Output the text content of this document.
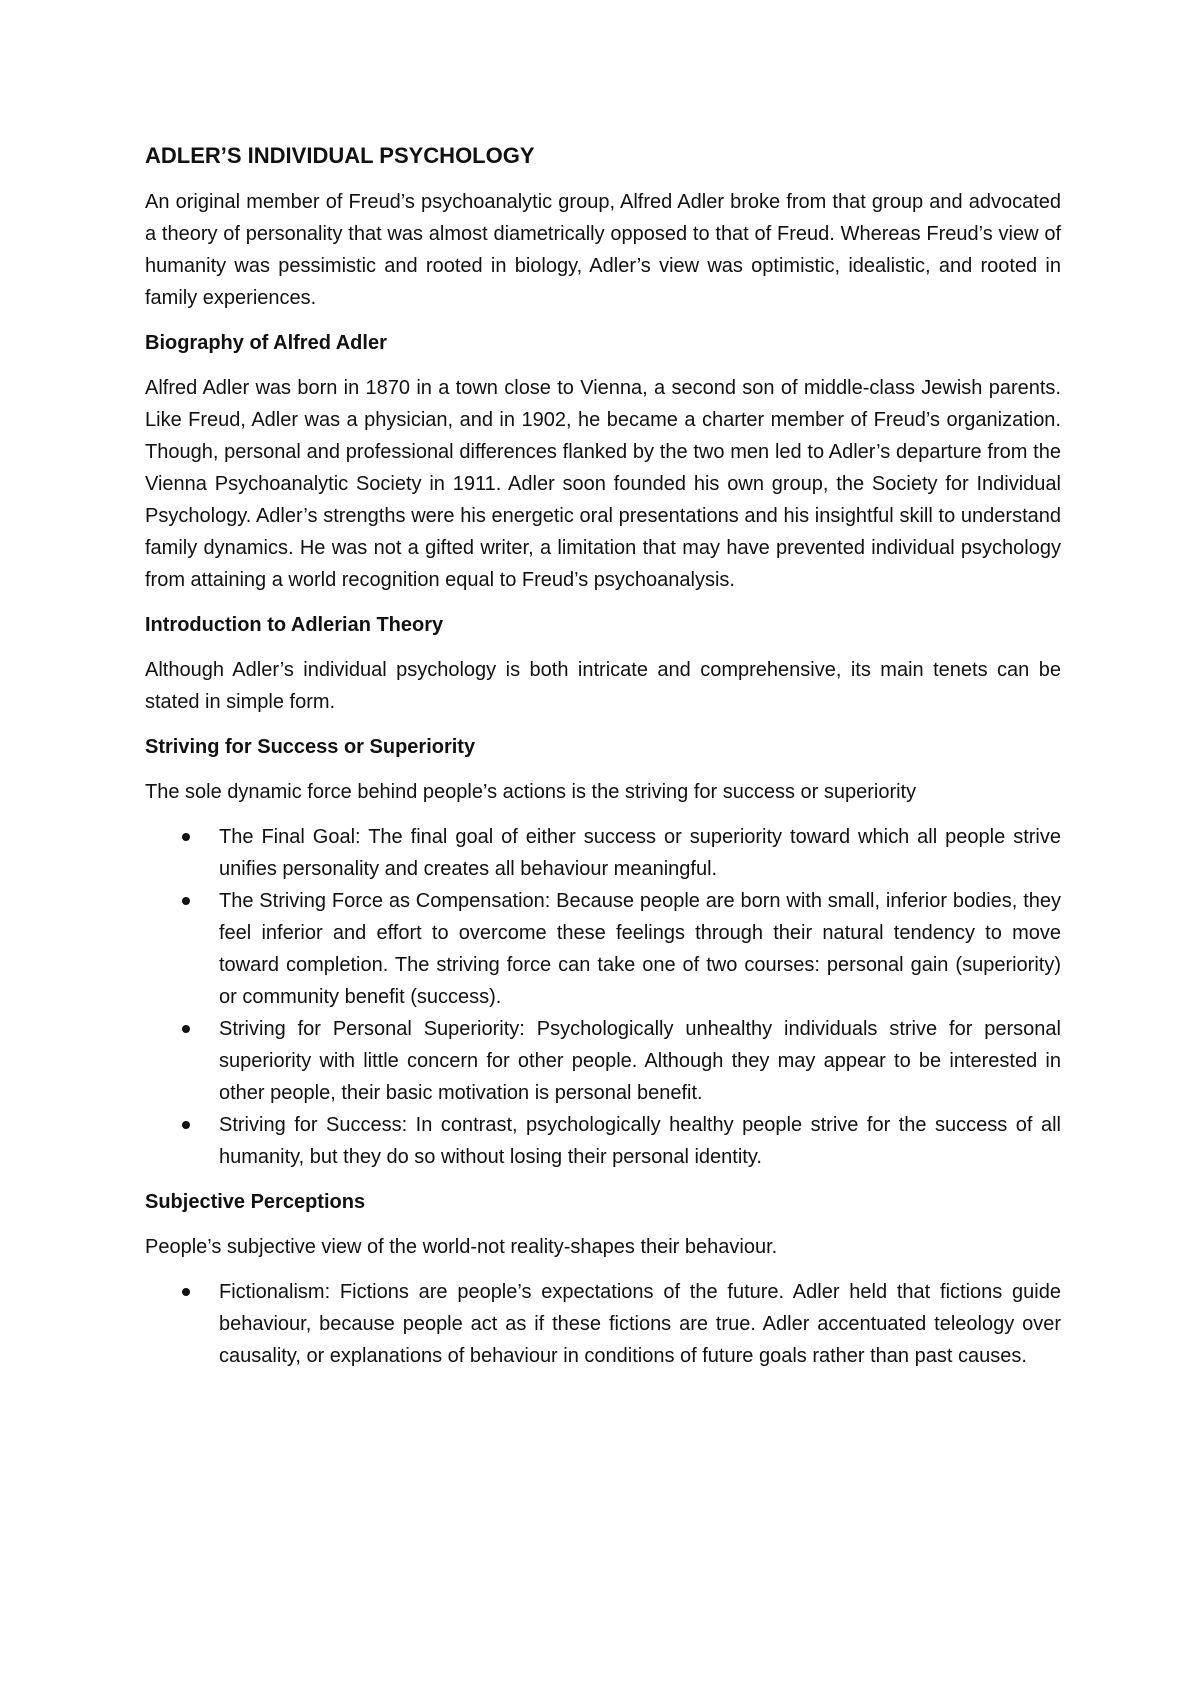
ADLER’S INDIVIDUAL PSYCHOLOGY

An original member of Freud’s psychoanalytic group, Alfred Adler broke from that group and advocated a theory of personality that was almost diametrically opposed to that of Freud. Whereas Freud’s view of humanity was pessimistic and rooted in biology, Adler’s view was optimistic, idealistic, and rooted in family experiences.

Biography of Alfred Adler

Alfred Adler was born in 1870 in a town close to Vienna, a second son of middle-class Jewish parents. Like Freud, Adler was a physician, and in 1902, he became a charter member of Freud’s organization. Though, personal and professional differences flanked by the two men led to Adler’s departure from the Vienna Psychoanalytic Society in 1911. Adler soon founded his own group, the Society for Individual Psychology. Adler’s strengths were his energetic oral presentations and his insightful skill to understand family dynamics. He was not a gifted writer, a limitation that may have prevented individual psychology from attaining a world recognition equal to Freud’s psychoanalysis.

Introduction to Adlerian Theory

Although Adler’s individual psychology is both intricate and comprehensive, its main tenets can be stated in simple form.

Striving for Success or Superiority

The sole dynamic force behind people’s actions is the striving for success or superiority

The Final Goal: The final goal of either success or superiority toward which all people strive unifies personality and creates all behaviour meaningful.
The Striving Force as Compensation: Because people are born with small, inferior bodies, they feel inferior and effort to overcome these feelings through their natural tendency to move toward completion. The striving force can take one of two courses: personal gain (superiority) or community benefit (success).
Striving for Personal Superiority: Psychologically unhealthy individuals strive for personal superiority with little concern for other people. Although they may appear to be interested in other people, their basic motivation is personal benefit.
Striving for Success: In contrast, psychologically healthy people strive for the success of all humanity, but they do so without losing their personal identity.
Subjective Perceptions

People’s subjective view of the world-not reality-shapes their behaviour.

Fictionalism: Fictions are people’s expectations of the future. Adler held that fictions guide behaviour, because people act as if these fictions are true. Adler accentuated teleology over causality, or explanations of behaviour in conditions of future goals rather than past causes.
